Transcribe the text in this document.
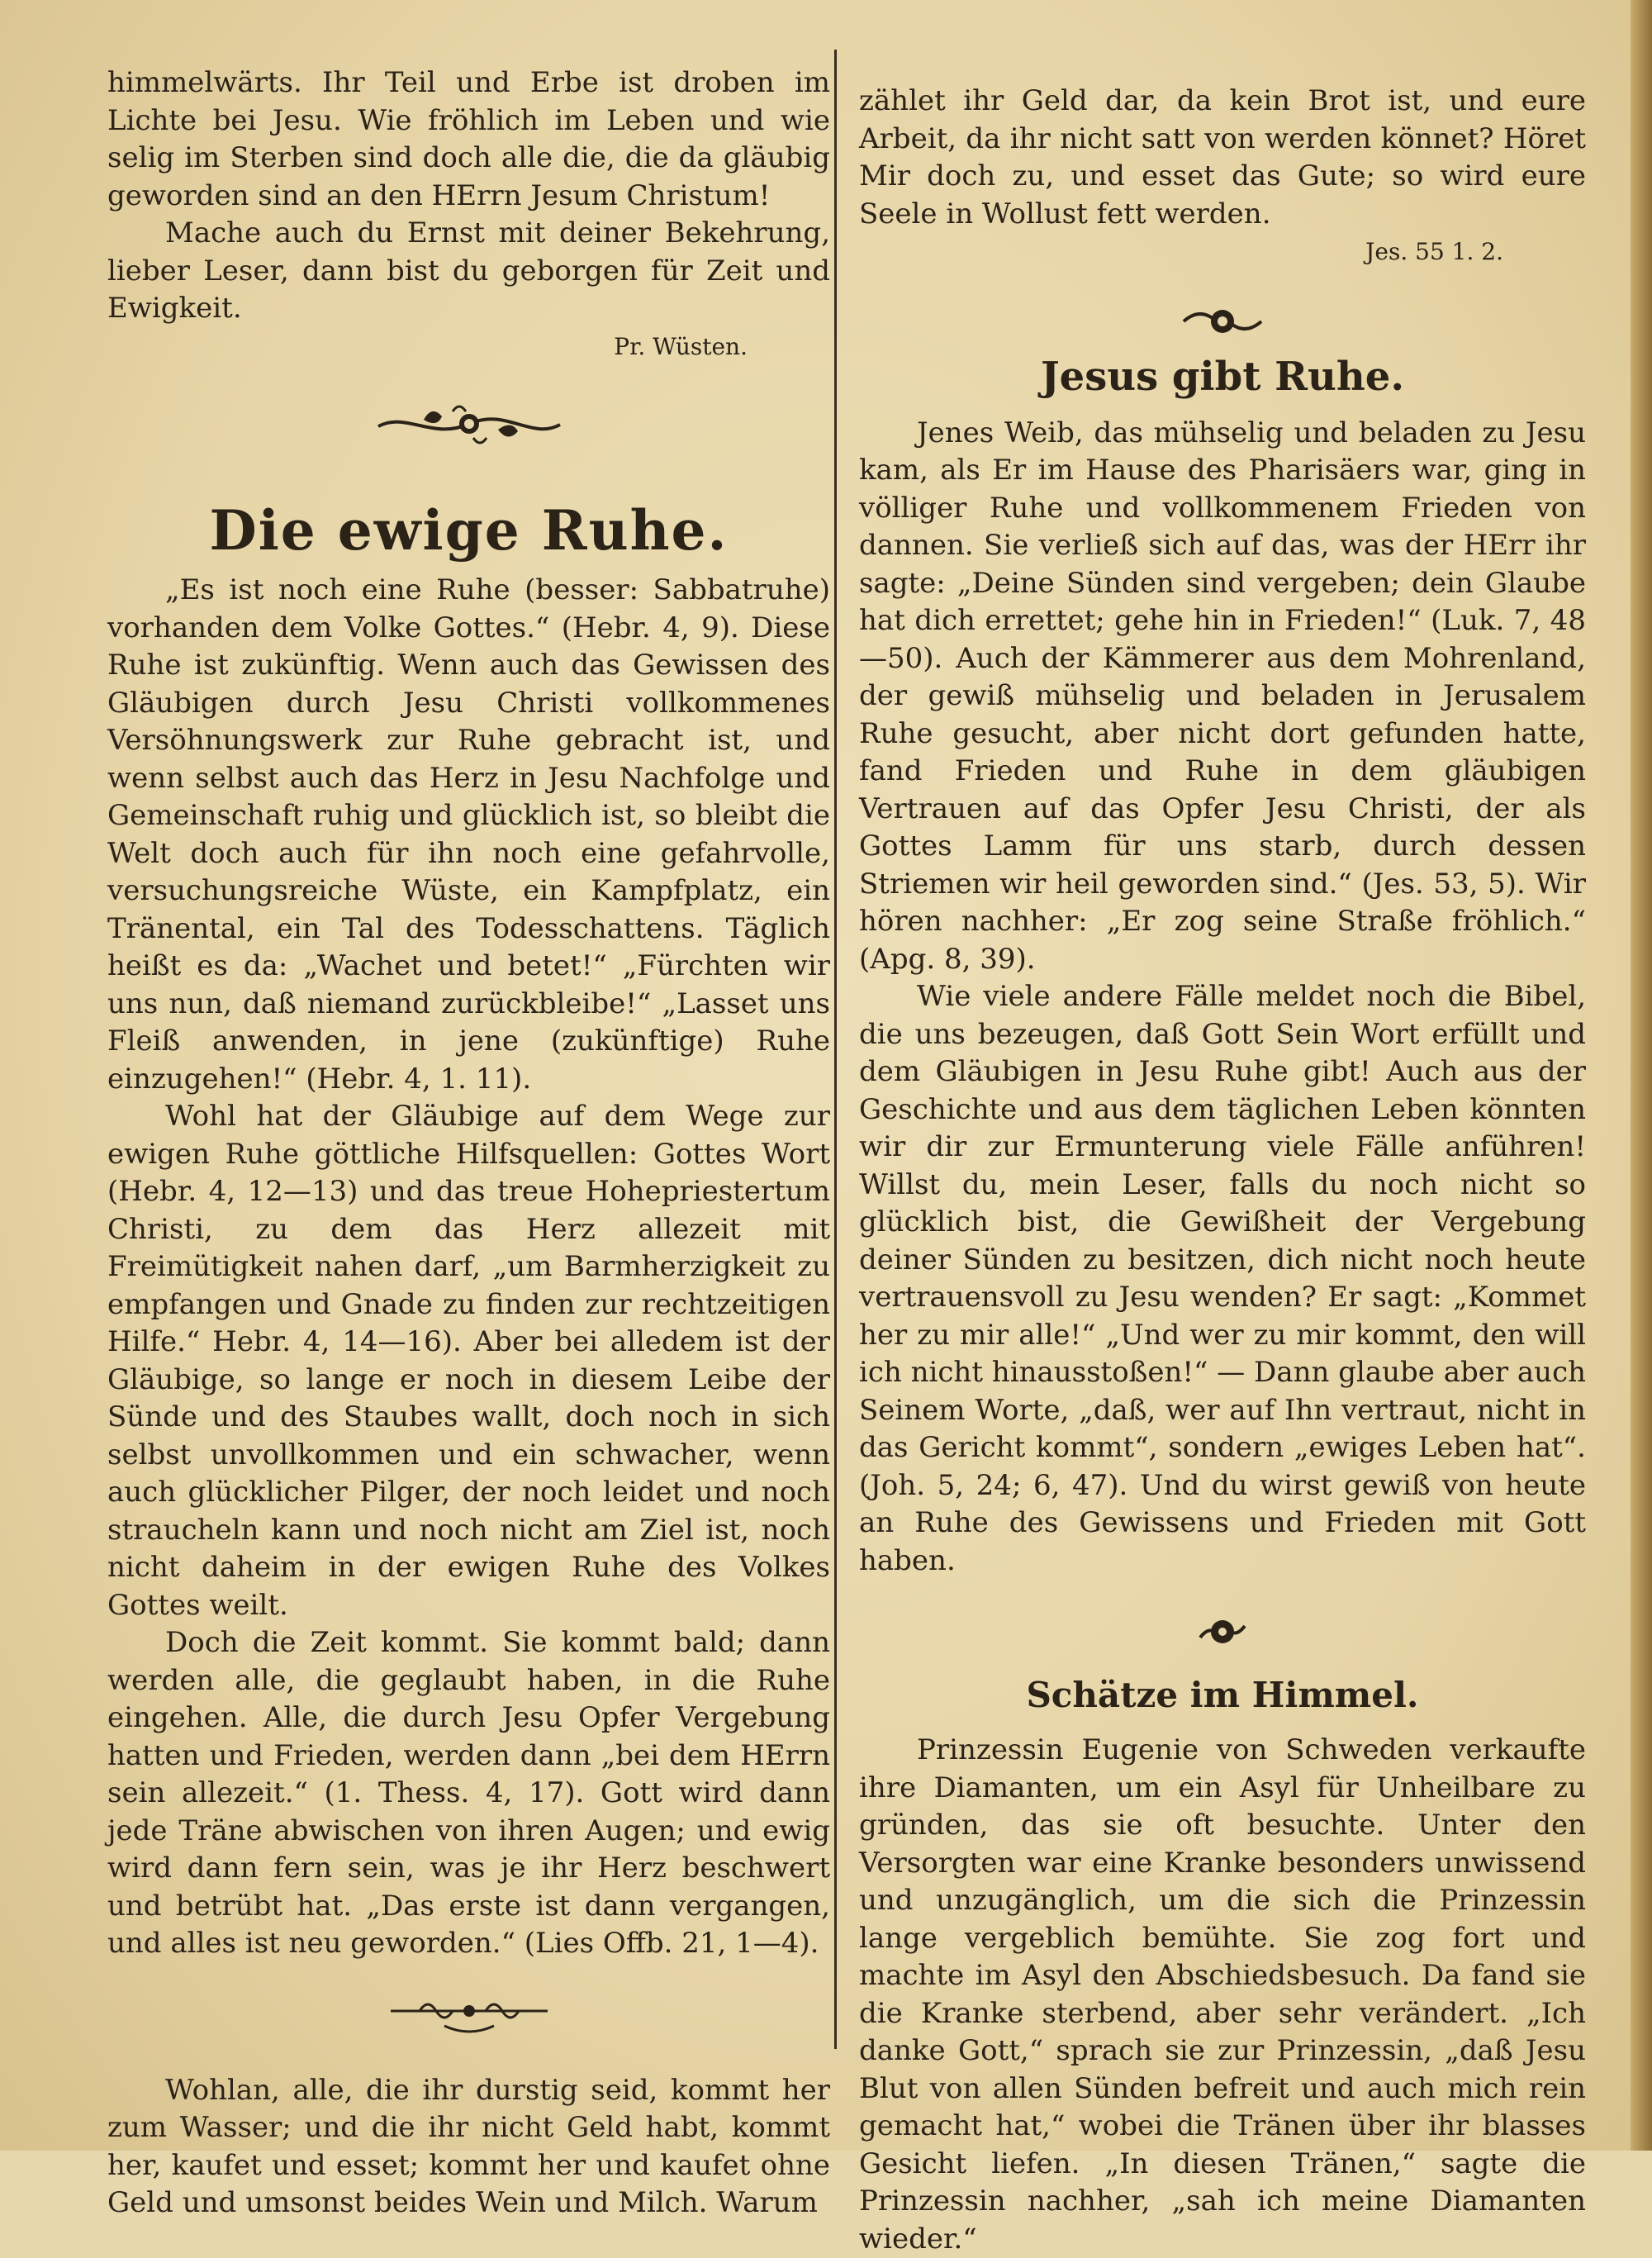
himmelwärts. Ihr Teil und Erbe ist droben im Lichte bei Jesu. Wie fröhlich im Leben und wie selig im Sterben sind doch alle die, die da gläubig geworden sind an den HErrn Jesum Christum!

Mache auch du Ernst mit deiner Bekehrung, lieber Leser, dann bist du geborgen für Zeit und Ewigkeit.

Pr. Wüsten.

Die ewige Ruhe.

„Es ist noch eine Ruhe (besser: Sabbatruhe) vorhanden dem Volke Gottes.“ (Hebr. 4, 9). Diese Ruhe ist zukünftig. Wenn auch das Gewissen des Gläubigen durch Jesu Christi vollkommenes Versöhnungswerk zur Ruhe gebracht ist, und wenn selbst auch das Herz in Jesu Nachfolge und Gemeinschaft ruhig und glücklich ist, so bleibt die Welt doch auch für ihn noch eine gefahrvolle, versuchungsreiche Wüste, ein Kampfplatz, ein Tränental, ein Tal des Todesschattens. Täglich heißt es da: „Wachet und betet!“ „Fürchten wir uns nun, daß niemand zurückbleibe!“ „Lasset uns Fleiß anwenden, in jene (zukünftige) Ruhe einzugehen!“ (Hebr. 4, 1. 11).

Wohl hat der Gläubige auf dem Wege zur ewigen Ruhe göttliche Hilfsquellen: Gottes Wort (Hebr. 4, 12—13) und das treue Hohepriestertum Christi, zu dem das Herz allezeit mit Freimütigkeit nahen darf, „um Barmherzigkeit zu empfangen und Gnade zu finden zur rechtzeitigen Hilfe.“ Hebr. 4, 14—16). Aber bei alledem ist der Gläubige, so lange er noch in diesem Leibe der Sünde und des Staubes wallt, doch noch in sich selbst unvollkommen und ein schwacher, wenn auch glücklicher Pilger, der noch leidet und noch straucheln kann und noch nicht am Ziel ist, noch nicht daheim in der ewigen Ruhe des Volkes Gottes weilt.

Doch die Zeit kommt. Sie kommt bald; dann werden alle, die geglaubt haben, in die Ruhe eingehen. Alle, die durch Jesu Opfer Vergebung hatten und Frieden, werden dann „bei dem HErrn sein allezeit.“ (1. Thess. 4, 17). Gott wird dann jede Träne abwischen von ihren Augen; und ewig wird dann fern sein, was je ihr Herz beschwert und betrübt hat. „Das erste ist dann vergangen, und alles ist neu geworden.“ (Lies Offb. 21, 1—4).

Wohlan, alle, die ihr durstig seid, kommt her zum Wasser; und die ihr nicht Geld habt, kommt her, kaufet und esset; kommt her und kaufet ohne Geld und umsonst beides Wein und Milch. Warum

zählet ihr Geld dar, da kein Brot ist, und eure Arbeit, da ihr nicht satt von werden könnet? Höret Mir doch zu, und esset das Gute; so wird eure Seele in Wollust fett werden.

Jes. 55 1. 2.

Jesus gibt Ruhe.

Jenes Weib, das mühselig und beladen zu Jesu kam, als Er im Hause des Pharisäers war, ging in völliger Ruhe und vollkommenem Frieden von dannen. Sie verließ sich auf das, was der HErr ihr sagte: „Deine Sünden sind vergeben; dein Glaube hat dich errettet; gehe hin in Frieden!“ (Luk. 7, 48—50). Auch der Kämmerer aus dem Mohrenland, der gewiß mühselig und beladen in Jerusalem Ruhe gesucht, aber nicht dort gefunden hatte, fand Frieden und Ruhe in dem gläubigen Vertrauen auf das Opfer Jesu Christi, der als Gottes Lamm für uns starb, durch dessen Striemen wir heil geworden sind.“ (Jes. 53, 5). Wir hören nachher: „Er zog seine Straße fröhlich.“ (Apg. 8, 39).

Wie viele andere Fälle meldet noch die Bibel, die uns bezeugen, daß Gott Sein Wort erfüllt und dem Gläubigen in Jesu Ruhe gibt! Auch aus der Geschichte und aus dem täglichen Leben könnten wir dir zur Ermunterung viele Fälle anführen! Willst du, mein Leser, falls du noch nicht so glücklich bist, die Gewißheit der Vergebung deiner Sünden zu besitzen, dich nicht noch heute vertrauensvoll zu Jesu wenden? Er sagt: „Kommet her zu mir alle!“ „Und wer zu mir kommt, den will ich nicht hinausstoßen!“ — Dann glaube aber auch Seinem Worte, „daß, wer auf Ihn vertraut, nicht in das Gericht kommt“, sondern „ewiges Leben hat“. (Joh. 5, 24; 6, 47). Und du wirst gewiß von heute an Ruhe des Gewissens und Frieden mit Gott haben.

Schätze im Himmel.

Prinzessin Eugenie von Schweden verkaufte ihre Diamanten, um ein Asyl für Unheilbare zu gründen, das sie oft besuchte. Unter den Versorgten war eine Kranke besonders unwissend und unzugänglich, um die sich die Prinzessin lange vergeblich bemühte. Sie zog fort und machte im Asyl den Abschiedsbesuch. Da fand sie die Kranke sterbend, aber sehr verändert. „Ich danke Gott,“ sprach sie zur Prinzessin, „daß Jesu Blut von allen Sünden befreit und auch mich rein gemacht hat,“ wobei die Tränen über ihr blasses Gesicht liefen. „In diesen Tränen,“ sagte die Prinzessin nachher, „sah ich meine Diamanten wieder.“
